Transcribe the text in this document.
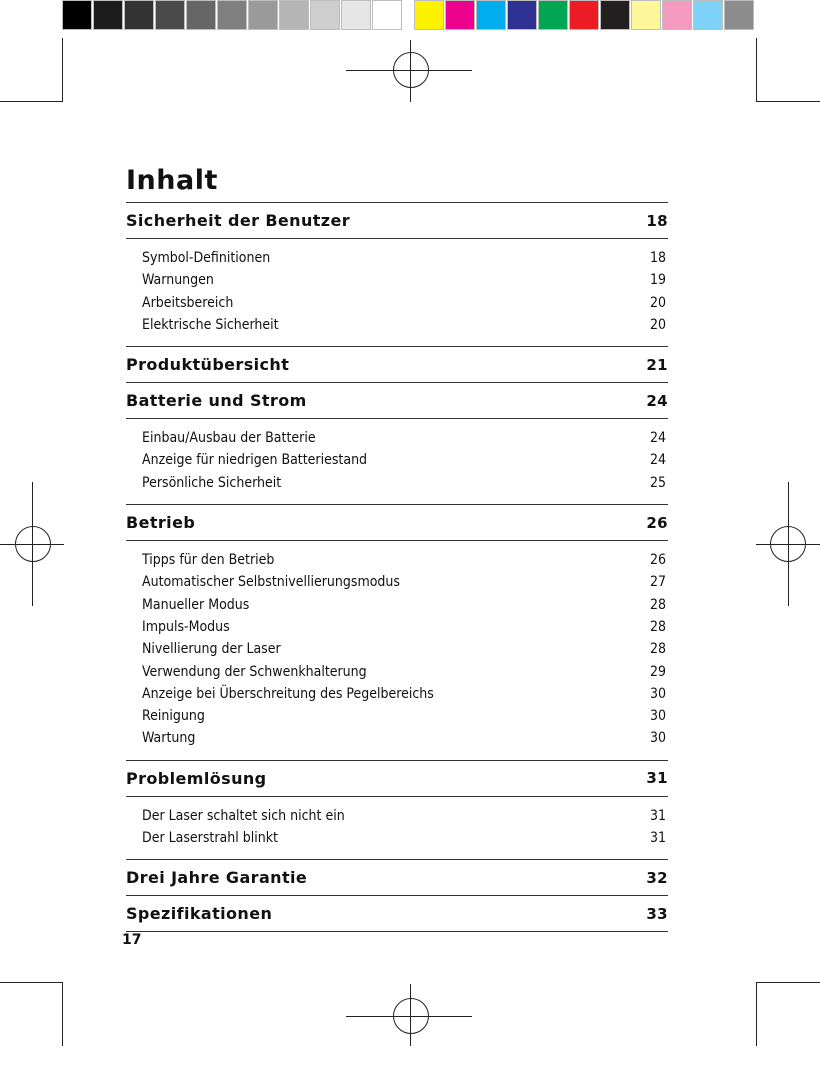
Inhalt
Sicherheit der Benutzer	18
Symbol-Definitionen	18
Warnungen	19
Arbeitsbereich	20
Elektrische Sicherheit	20
Produktübersicht	21
Batterie und Strom	24
Einbau/Ausbau der Batterie	24
Anzeige für niedrigen Batteriestand	24
Persönliche Sicherheit	25
Betrieb	26
Tipps für den Betrieb	26
Automatischer Selbstnivellierungsmodus	27
Manueller Modus	28
Impuls-Modus	28
Nivellierung der Laser	28
Verwendung der Schwenkhalterung	29
Anzeige bei Überschreitung des Pegelbereichs	30
Reinigung	30
Wartung	30
Problemlösung	31
Der Laser schaltet sich nicht ein	31
Der Laserstrahl blinkt	31
Drei Jahre Garantie	32
Spezifikationen	33
17
